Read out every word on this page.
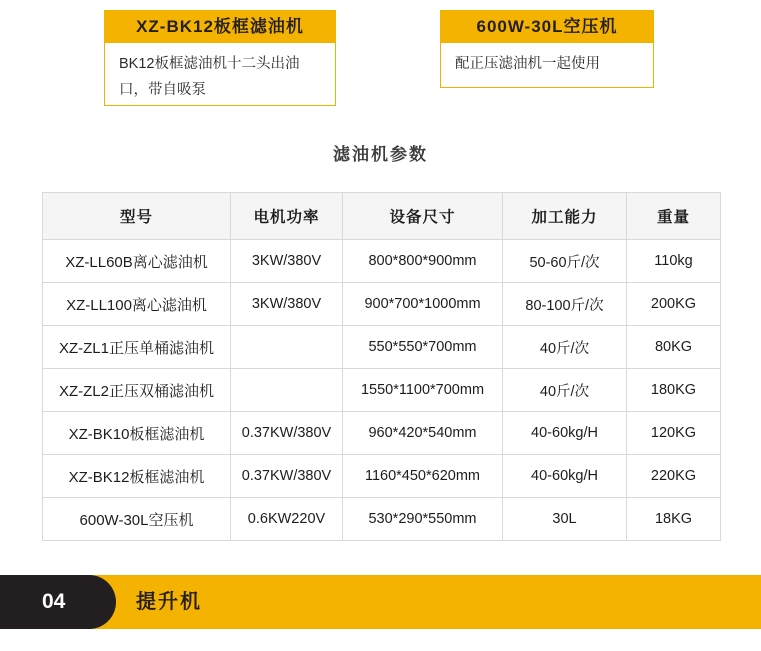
XZ-BK12板框滤油机
BK12板框滤油机十二头出油口，带自吸泵
600W-30L空压机
配正压滤油机一起使用
滤油机参数
型号	电机功率	设备尺寸	加工能力	重量
XZ-LL60B离心滤油机	3KW/380V	800*800*900mm	50-60斤/次	110kg
XZ-LL100离心滤油机	3KW/380V	900*700*1000mm	80-100斤/次	200KG
XZ-ZL1正压单桶滤油机		550*550*700mm	40斤/次	80KG
XZ-ZL2正压双桶滤油机		1550*1100*700mm	40斤/次	180KG
XZ-BK10板框滤油机	0.37KW/380V	960*420*540mm	40-60kg/H	120KG
XZ-BK12板框滤油机	0.37KW/380V	1160*450*620mm	40-60kg/H	220KG
600W-30L空压机	0.6KW220V	530*290*550mm	30L	18KG
04	提升机
